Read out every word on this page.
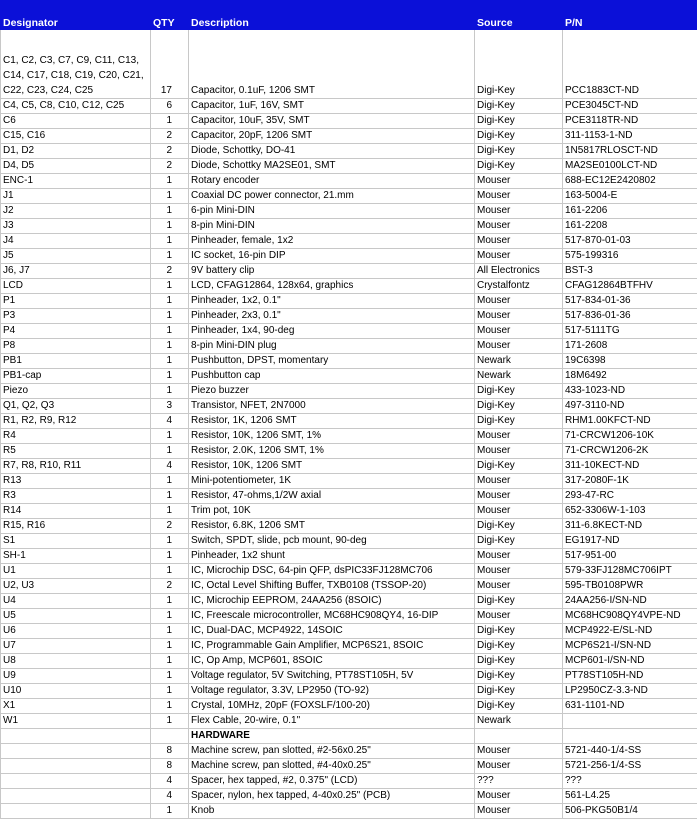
Designator	QTY	Description	Source	P/N
C1, C2, C3, C7, C9, C11, C13, C14, C17, C18, C19, C20, C21, C22, C23, C24, C25	17	Capacitor, 0.1uF, 1206 SMT	Digi-Key	PCC1883CT-ND
C4, C5, C8, C10, C12, C25	6	Capacitor, 1uF, 16V, SMT	Digi-Key	PCE3045CT-ND
C6	1	Capacitor, 10uF, 35V, SMT	Digi-Key	PCE3118TR-ND
C15, C16	2	Capacitor, 20pF, 1206 SMT	Digi-Key	311-1153-1-ND
D1, D2	2	Diode, Schottky, DO-41	Digi-Key	1N5817RLOSCT-ND
D4, D5	2	Diode, Schottky MA2SE01, SMT	Digi-Key	MA2SE0100LCT-ND
ENC-1	1	Rotary encoder	Mouser	688-EC12E2420802
J1	1	Coaxial DC power connector, 21.mm	Mouser	163-5004-E
J2	1	6-pin Mini-DIN	Mouser	161-2206
J3	1	8-pin Mini-DIN	Mouser	161-2208
J4	1	Pinheader, female, 1x2	Mouser	517-870-01-03
J5	1	IC socket, 16-pin DIP	Mouser	575-199316
J6, J7	2	9V battery clip	All Electronics	BST-3
LCD	1	LCD, CFAG12864, 128x64, graphics	Crystalfontz	CFAG12864BTFHV
P1	1	Pinheader, 1x2, 0.1"	Mouser	517-834-01-36
P3	1	Pinheader, 2x3, 0.1"	Mouser	517-836-01-36
P4	1	Pinheader, 1x4, 90-deg	Mouser	517-5111TG
P8	1	8-pin Mini-DIN plug	Mouser	171-2608
PB1	1	Pushbutton, DPST, momentary	Newark	19C6398
PB1-cap	1	Pushbutton cap	Newark	18M6492
Piezo	1	Piezo buzzer	Digi-Key	433-1023-ND
Q1, Q2, Q3	3	Transistor, NFET, 2N7000	Digi-Key	497-3110-ND
R1, R2, R9, R12	4	Resistor, 1K, 1206 SMT	Digi-Key	RHM1.00KFCT-ND
R4	1	Resistor, 10K, 1206 SMT, 1%	Mouser	71-CRCW1206-10K
R5	1	Resistor, 2.0K, 1206 SMT, 1%	Mouser	71-CRCW1206-2K
R7, R8, R10, R11	4	Resistor, 10K, 1206 SMT	Digi-Key	311-10KECT-ND
R13	1	Mini-potentiometer, 1K	Mouser	317-2080F-1K
R3	1	Resistor, 47-ohms,1/2W axial	Mouser	293-47-RC
R14	1	Trim pot, 10K	Mouser	652-3306W-1-103
R15, R16	2	Resistor, 6.8K, 1206 SMT	Digi-Key	311-6.8KECT-ND
S1	1	Switch, SPDT, slide, pcb mount, 90-deg	Digi-Key	EG1917-ND
SH-1	1	Pinheader, 1x2 shunt	Mouser	517-951-00
U1	1	IC, Microchip DSC, 64-pin QFP, dsPIC33FJ128MC706	Mouser	579-33FJ128MC706IPT
U2, U3	2	IC, Octal Level Shifting Buffer, TXB0108 (TSSOP-20)	Mouser	595-TB0108PWR
U4	1	IC, Microchip EEPROM, 24AA256 (8SOIC)	Digi-Key	24AA256-I/SN-ND
U5	1	IC, Freescale microcontroller, MC68HC908QY4, 16-DIP	Mouser	MC68HC908QY4VPE-ND
U6	1	IC, Dual-DAC, MCP4922, 14SOIC	Digi-Key	MCP4922-E/SL-ND
U7	1	IC, Programmable Gain Amplifier, MCP6S21, 8SOIC	Digi-Key	MCP6S21-I/SN-ND
U8	1	IC, Op Amp, MCP601, 8SOIC	Digi-Key	MCP601-I/SN-ND
U9	1	Voltage regulator, 5V Switching, PT78ST105H, 5V	Digi-Key	PT78ST105H-ND
U10	1	Voltage regulator, 3.3V, LP2950 (TO-92)	Digi-Key	LP2950CZ-3.3-ND
X1	1	Crystal, 10MHz, 20pF (FOXSLF/100-20)	Digi-Key	631-1101-ND
W1	1	Flex Cable, 20-wire, 0.1"	Newark	
		HARDWARE		
	8	Machine screw, pan slotted, #2-56x0.25"	Mouser	5721-440-1/4-SS
	8	Machine screw, pan slotted, #4-40x0.25"	Mouser	5721-256-1/4-SS
	4	Spacer, hex tapped, #2, 0.375" (LCD)	???	???
	4	Spacer, nylon, hex tapped, 4-40x0.25" (PCB)	Mouser	561-L4.25
	1	Knob	Mouser	506-PKG50B1/4
